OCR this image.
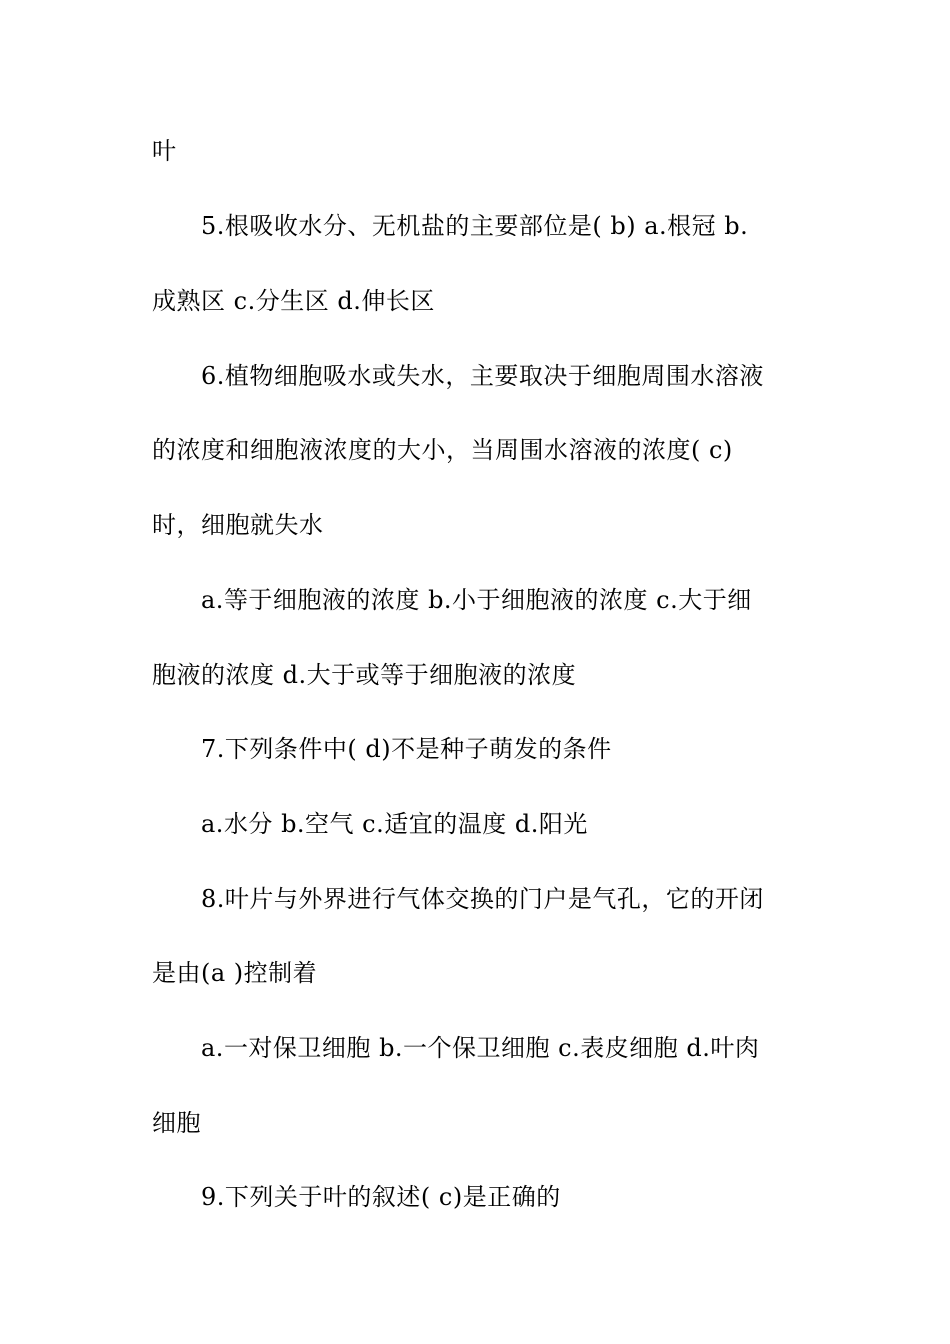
叶
5.根吸收水分、无机盐的主要部位是( b) a.根冠 b.
成熟区 c.分生区 d.伸长区
6.植物细胞吸水或失水，主要取决于细胞周围水溶液
的浓度和细胞液浓度的大小，当周围水溶液的浓度( c)
时，细胞就失水
a.等于细胞液的浓度 b.小于细胞液的浓度 c.大于细
胞液的浓度 d.大于或等于细胞液的浓度
7.下列条件中( d)不是种子萌发的条件
a.水分 b.空气 c.适宜的温度 d.阳光
8.叶片与外界进行气体交换的门户是气孔，它的开闭
是由(a )控制着
a.一对保卫细胞 b.一个保卫细胞 c.表皮细胞 d.叶肉
细胞
9.下列关于叶的叙述( c)是正确的
